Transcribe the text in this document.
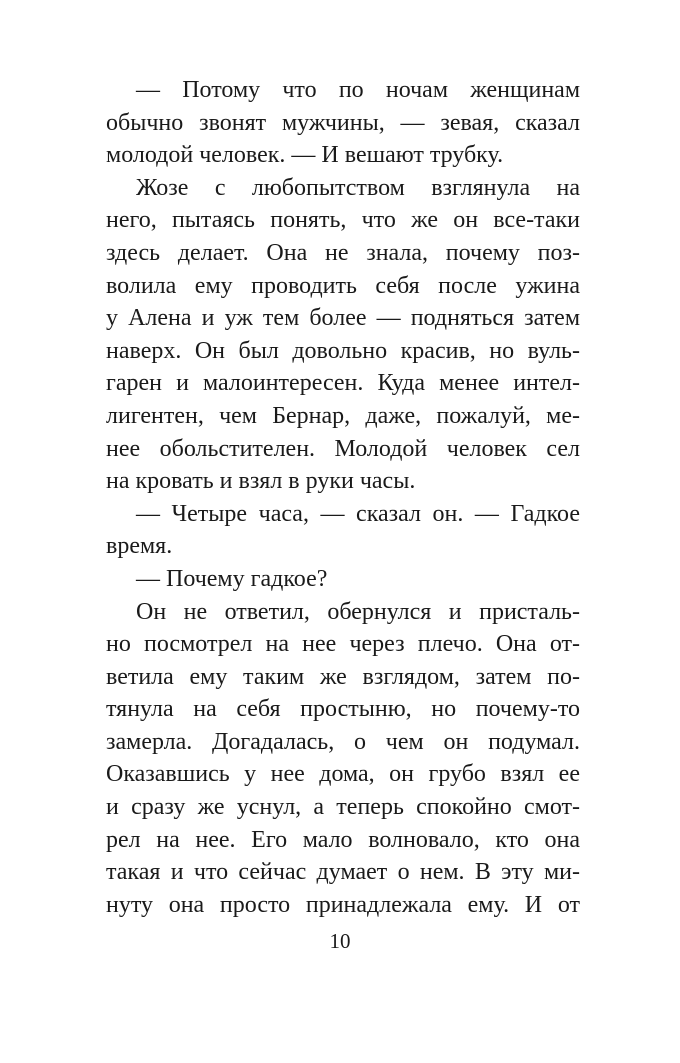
— Потому что по ночам женщинам
обычно звонят мужчины, — зевая, сказал
молодой человек. — И вешают трубку.
Жозе с любопытством взглянула на
него, пытаясь понять, что же он все-таки
здесь делает. Она не знала, почему поз-
волила ему проводить себя после ужина
у Алена и уж тем более — подняться затем
наверх. Он был довольно красив, но вуль-
гарен и малоинтересен. Куда менее интел-
лигентен, чем Бернар, даже, пожалуй, ме-
нее обольстителен. Молодой человек сел
на кровать и взял в руки часы.
— Четыре часа, — сказал он. — Гадкое
время.
— Почему гадкое?
Он не ответил, обернулся и присталь-
но посмотрел на нее через плечо. Она от-
ветила ему таким же взглядом, затем по-
тянула на себя простыню, но почему-то
замерла. Догадалась, о чем он подумал.
Оказавшись у нее дома, он грубо взял ее
и сразу же уснул, а теперь спокойно смот-
рел на нее. Его мало волновало, кто она
такая и что сейчас думает о нем. В эту ми-
нуту она просто принадлежала ему. И от
10
